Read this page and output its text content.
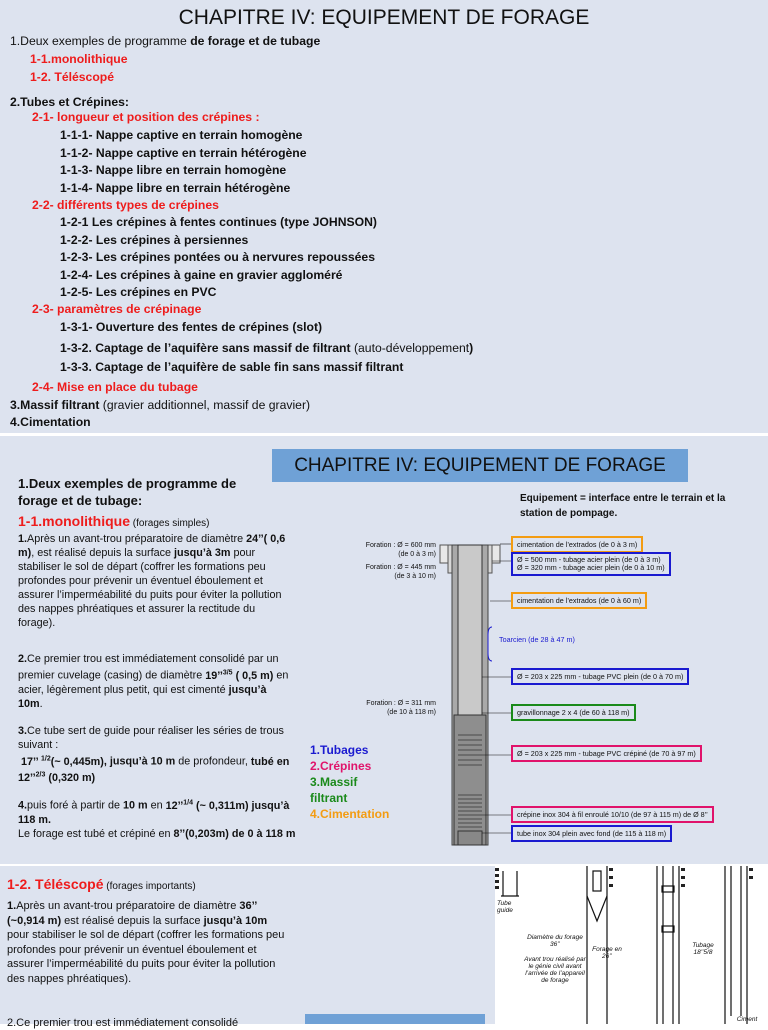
CHAPITRE IV: EQUIPEMENT DE FORAGE
1.Deux exemples de programme de forage et de tubage
1-1.monolithique
1-2. Téléscopé
2.Tubes et Crépines:
2-1- longueur et position des crépines :
1-1-1- Nappe captive en terrain homogène
1-1-2- Nappe captive en terrain hétérogène
1-1-3- Nappe libre en terrain homogène
1-1-4- Nappe libre en terrain hétérogène
2-2- différents types de crépines
1-2-1 Les crépines à fentes continues (type JOHNSON)
1-2-2- Les crépines à persiennes
1-2-3- Les crépines pontées ou à nervures repoussées
1-2-4- Les crépines à gaine en gravier aggloméré
1-2-5- Les crépines en PVC
2-3- paramètres de crépinage
1-3-1- Ouverture des fentes de crépines (slot)
1-3-2. Captage de l’aquifère sans massif de filtrant (auto-développement)
1-3-3. Captage de l’aquifère de sable fin sans massif filtrant
2-4- Mise en place du tubage
3.Massif filtrant (gravier additionnel, massif de gravier)
4.Cimentation
CHAPITRE IV: EQUIPEMENT DE FORAGE
1.Deux exemples de programme de
forage et de tubage:
1-1.monolithique (forages simples)
1.Après un avant-trou préparatoire de diamètre 24’’( 0,6 m), est réalisé depuis la surface jusqu’à 3m pour stabiliser le sol de départ (coffrer les formations peu profondes pour prévenir un éventuel éboulement et assurer l’imperméabilité du puits pour éviter la pollution des nappes phréatiques et assurer la rectitude du forage).
2.Ce premier trou est immédiatement consolidé par un premier cuvelage (casing) de diamètre 19’’$^{3/5}$ ( 0,5 m) en acier, légèrement plus petit, qui est cimenté jusqu’à 10m.
3.Ce tube sert de guide pour réaliser les séries de trous suivant :
17’’ $^{1/2}$(~ 0,445m), jusqu’à 10 m de profondeur, tubé en 12’’$^{2/3}$ (0,320 m)
4.puis foré à partir de 10 m en 12’’$^{1/4}$ (~ 0,311m) jusqu’à 118 m.
Le forage est tubé et crépiné en 8’’(0,203m) de 0 à 118 m
Equipement = interface entre le terrain et la station de pompage.
Foration : Ø = 600 mm
(de 0 à 3 m)
Foration : Ø = 445 mm
(de 3 à 10 m)
Foration : Ø = 311 mm
(de 10 à 118 m)
cimentation de l’extrados (de 0 à 3 m)
Ø = 500 mm - tubage acier plein (de 0 à 3 m)
Ø = 320 mm - tubage acier plein (de 0 à 10 m)
cimentation de l’extrados (de 0 à 60 m)
Toarcien (de 28 à 47 m)
Ø = 203 x 225 mm - tubage PVC plein (de 0 à 70 m)
gravillonnage 2 x 4 (de 60 à 118 m)
Ø = 203 x 225 mm - tubage PVC crépiné (de 70 à 97 m)
crépine inox 304 à fil enroulé 10/10 (de 97 à 115 m) de Ø 8’’
tube inox 304 plein avec fond (de 115 à 118 m)
1.Tubages
2.Crépines
3.Massif
filtrant
4.Cimentation
1-2. Téléscopé (forages importants)
1.Après un avant-trou préparatoire de diamètre 36’’ (~0,914 m) est réalisé depuis la surface jusqu’à 10m pour stabiliser le sol de départ (coffrer les formations peu profondes pour prévenir un éventuel éboulement et assurer l’imperméabilité du puits pour éviter la pollution des nappes phréatiques).
2.Ce premier trou est immédiatement consolidé
Tube guide
Diamètre du forage 36’’
Avant trou réalisé par le génie civil avant l’arrivée de l’appareil de forage
Forage en 26’’
Tubage 18’’5/8
Ciment
